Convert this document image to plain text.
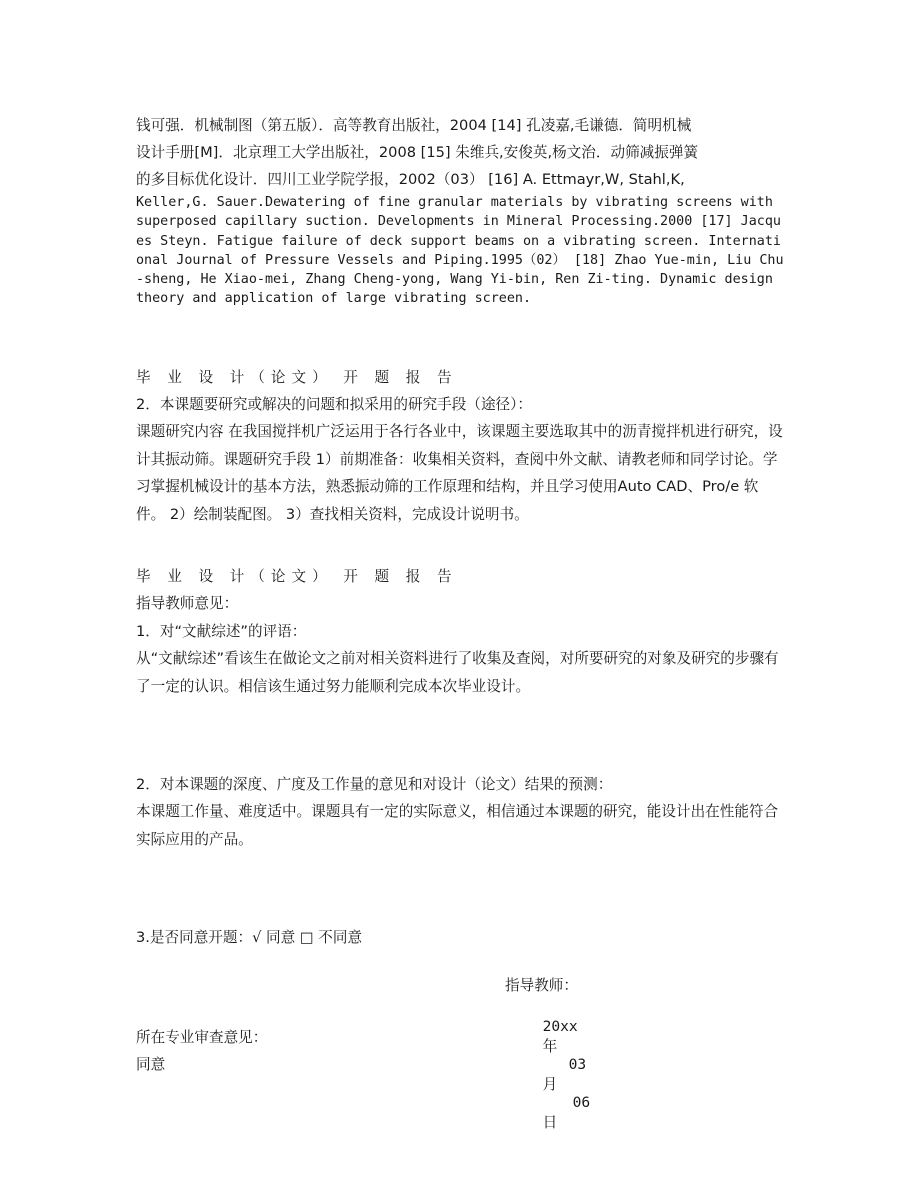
钱可强．机械制图（第五版）．高等教育出版社，2004 [14] 孔凌嘉,毛谦德．简明机械

设计手册[M]．北京理工大学出版社，2008 [15] 朱维兵,安俊英,杨文治．动筛减振弹簧

的多目标优化设计．四川工业学院学报，2002（03） [16] A. Ettmayr,W, Stahl,K,

Keller,G. Sauer.Dewatering of fine granular materials by vibrating screens with superposed capillary suction. Developments in Mineral Processing.2000 [17] Jacques Steyn. Fatigue failure of deck support beams on a vibrating screen. International Journal of Pressure Vessels and Piping.1995（02） [18] Zhao Yue-min, Liu Chu-sheng, He Xiao-mei, Zhang Cheng-yong, Wang Yi-bin, Ren Zi-ting. Dynamic design theory and application of large vibrating screen.

毕 业 设 计（论文） 开 题 报 告

2．本课题要研究或解决的问题和拟采用的研究手段（途径）：

课题研究内容 在我国搅拌机广泛运用于各行各业中，该课题主要选取其中的沥青搅拌机进行研究，设计其振动筛。课题研究手段 1）前期准备：收集相关资料，查阅中外文献、请教老师和同学讨论。学习掌握机械设计的基本方法，熟悉振动筛的工作原理和结构，并且学习使用Auto CAD、Pro/e 软件。 2）绘制装配图。 3）查找相关资料，完成设计说明书。

毕 业 设 计（论文） 开 题 报 告

指导教师意见：

1．对“文献综述”的评语：

从“文献综述”看该生在做论文之前对相关资料进行了收集及查阅，对所要研究的对象及研究的步骤有了一定的认识。相信该生通过努力能顺利完成本次毕业设计。

2．对本课题的深度、广度及工作量的意见和对设计（论文）结果的预测：

本课题工作量、难度适中。课题具有一定的实际意义，相信通过本课题的研究，能设计出在性能符合实际应用的产品。

3.是否同意开题：√ 同意 □ 不同意

指导教师：

20xx
年
03
月
06
日

所在专业审查意见：

同意
